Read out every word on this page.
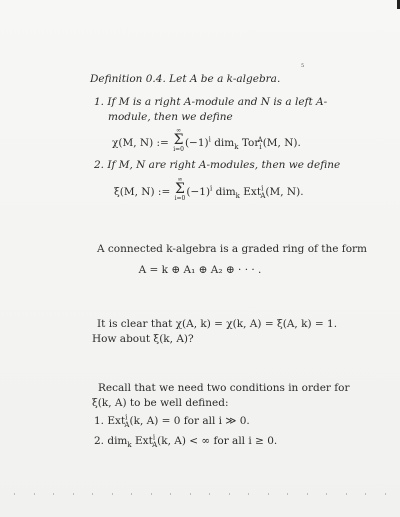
5
Definition 0.4. Let A be a k-algebra.
1. If M is a right A-module and N is a left A-
module, then we define
χ(M, N) :=
∞
Σ
i=0
$(-1)^i$ dim$_k$ Tor$_i^A$(M, N).
2. If M, N are right A-modules, then we define
ξ(M, N) :=
∞
Σ
i=0
$(-1)^i$ dim$_k$ Ext$^i_A$(M, N).
A connected k-algebra is a graded ring of the form
A = k ⊕ A₁ ⊕ A₂ ⊕ · · · .
It is clear that χ(A, k) = χ(k, A) = ξ(A, k) = 1.
How about ξ(k, A)?
Recall that we need two conditions in order for
ξ(k, A) to be well defined:
1. Ext$^i_A$(k, A) = 0 for all i ≫ 0.
2. dim$_k$ Ext$^i_A$(k, A) < ∞ for all i ≥ 0.
